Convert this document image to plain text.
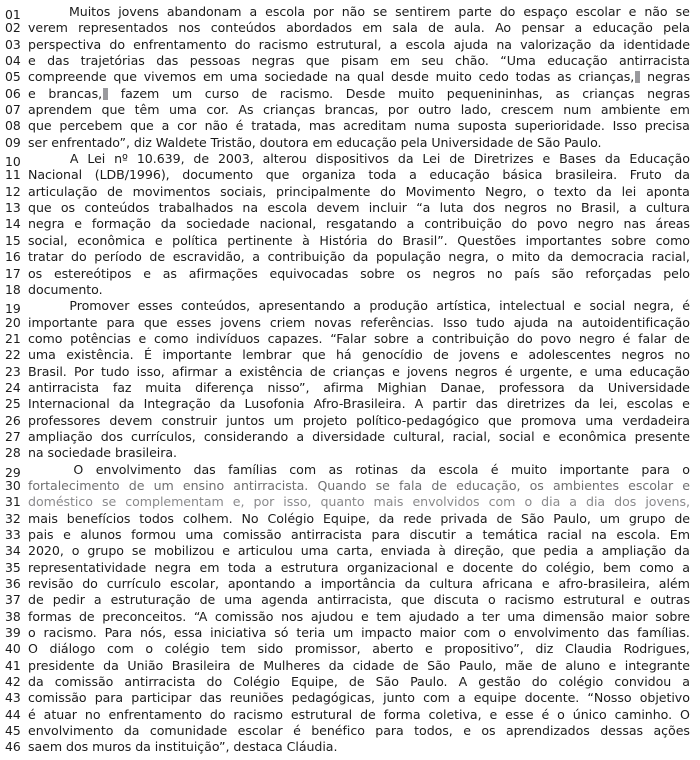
01	Muitos jovens abandonam a escola por não se sentirem parte do espaço escolar e não se
02 verem representados nos conteúdos abordados em sala de aula. Ao pensar a educação pela
03 perspectiva do enfrentamento do racismo estrutural, a escola ajuda na valorização da identidade
04 e das trajetórias das pessoas negras que pisam em seu chão. “Uma educação antirracista
05 compreende que vivemos em uma sociedade na qual desde muito cedo todas as crianças,	negras
06 e brancas,	fazem um curso de racismo. Desde muito pequenininhas, as crianças negras
07 aprendem que têm uma cor. As crianças brancas, por outro lado, crescem num ambiente em
08 que percebem que a cor não é tratada, mas acreditam numa suposta superioridade. Isso precisa
09 ser enfrentado”, diz Waldete Tristão, doutora em educação pela Universidade de São Paulo.
10	A Lei nº 10.639, de 2003, alterou dispositivos da Lei de Diretrizes e Bases da Educação
11 Nacional (LDB/1996), documento que organiza toda a educação básica brasileira. Fruto da
12 articulação de movimentos sociais, principalmente do Movimento Negro, o texto da lei aponta
13 que os conteúdos trabalhados na escola devem incluir “a luta dos negros no Brasil, a cultura
14 negra e formação da sociedade nacional, resgatando a contribuição do povo negro nas áreas
15 social, econômica e política pertinente à História do Brasil”. Questões importantes sobre como
16 tratar do período de escravidão, a contribuição da população negra, o mito da democracia racial,
17 os estereótipos e as afirmações equivocadas sobre os negros no país são reforçadas pelo
18 documento.
19	Promover esses conteúdos, apresentando a produção artística, intelectual e social negra, é
20 importante para que esses jovens criem novas referências. Isso tudo ajuda na autoidentificação
21 como potências e como indivíduos capazes. “Falar sobre a contribuição do povo negro é falar de
22 uma existência. É importante lembrar que há genocídio de jovens e adolescentes negros no
23 Brasil. Por tudo isso, afirmar a existência de crianças e jovens negros é urgente, e uma educação
24 antirracista faz muita diferença nisso”, afirma Mighian Danae, professora da Universidade
25 Internacional da Integração da Lusofonia Afro-Brasileira. A partir das diretrizes da lei, escolas e
26 professores devem construir juntos um projeto político-pedagógico que promova uma verdadeira
27 ampliação dos currículos, considerando a diversidade cultural, racial, social e econômica presente
28 na sociedade brasileira.
29	O envolvimento das famílias com as rotinas da escola é muito importante para o
30 fortalecimento de um ensino antirracista. Quando se fala de educação, os ambientes escolar e
31 doméstico se complementam e, por isso, quanto mais envolvidos com o dia a dia dos jovens,
32 mais benefícios todos colhem. No Colégio Equipe, da rede privada de São Paulo, um grupo de
33 pais e alunos formou uma comissão antirracista para discutir a temática racial na escola. Em
34 2020, o grupo se mobilizou e articulou uma carta, enviada à direção, que pedia a ampliação da
35 representatividade negra em toda a estrutura organizacional e docente do colégio, bem como a
36 revisão do currículo escolar, apontando a importância da cultura africana e afro-brasileira, além
37 de pedir a estruturação de uma agenda antirracista, que discuta o racismo estrutural e outras
38 formas de preconceitos. “A comissão nos ajudou e tem ajudado a ter uma dimensão maior sobre
39 o racismo. Para nós, essa iniciativa só teria um impacto maior com o envolvimento das famílias.
40 O diálogo com o colégio tem sido promissor, aberto e propositivo”, diz Claudia Rodrigues,
41 presidente da União Brasileira de Mulheres da cidade de São Paulo, mãe de aluno e integrante
42 da comissão antirracista do Colégio Equipe, de São Paulo. A gestão do colégio convidou a
43 comissão para participar das reuniões pedagógicas, junto com a equipe docente. “Nosso objetivo
44 é atuar no enfrentamento do racismo estrutural de forma coletiva, e esse é o único caminho. O
45 envolvimento da comunidade escolar é benéfico para todos, e os aprendizados dessas ações
46 saem dos muros da instituição”, destaca Cláudia.
